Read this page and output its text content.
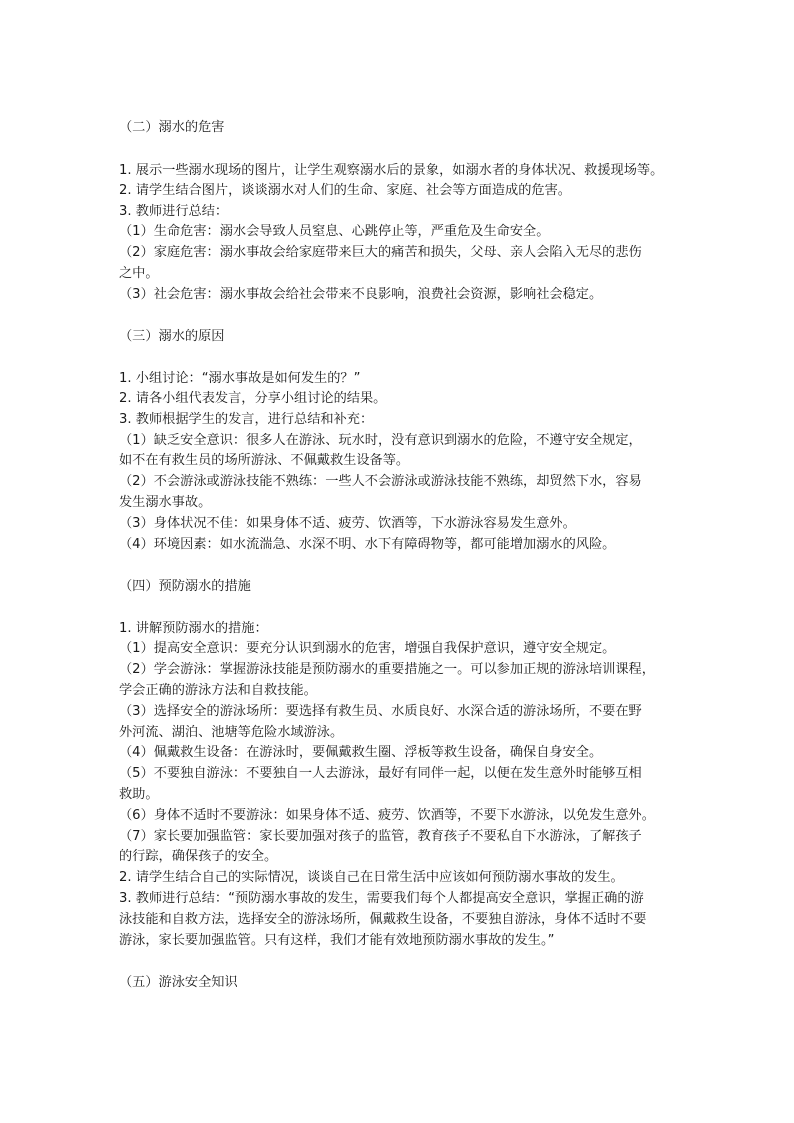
（二）溺水的危害
1. 展示一些溺水现场的图片，让学生观察溺水后的景象，如溺水者的身体状况、救援现场等。
2. 请学生结合图片，谈谈溺水对人们的生命、家庭、社会等方面造成的危害。
3. 教师进行总结：
（1）生命危害：溺水会导致人员窒息、心跳停止等，严重危及生命安全。
（2）家庭危害：溺水事故会给家庭带来巨大的痛苦和损失，父母、亲人会陷入无尽的悲伤
之中。
（3）社会危害：溺水事故会给社会带来不良影响，浪费社会资源，影响社会稳定。
（三）溺水的原因
1. 小组讨论：“溺水事故是如何发生的？”
2. 请各小组代表发言，分享小组讨论的结果。
3. 教师根据学生的发言，进行总结和补充：
（1）缺乏安全意识：很多人在游泳、玩水时，没有意识到溺水的危险，不遵守安全规定，
如不在有救生员的场所游泳、不佩戴救生设备等。
（2）不会游泳或游泳技能不熟练：一些人不会游泳或游泳技能不熟练，却贸然下水，容易
发生溺水事故。
（3）身体状况不佳：如果身体不适、疲劳、饮酒等，下水游泳容易发生意外。
（4）环境因素：如水流湍急、水深不明、水下有障碍物等，都可能增加溺水的风险。
（四）预防溺水的措施
1. 讲解预防溺水的措施：
（1）提高安全意识：要充分认识到溺水的危害，增强自我保护意识，遵守安全规定。
（2）学会游泳：掌握游泳技能是预防溺水的重要措施之一。可以参加正规的游泳培训课程，
学会正确的游泳方法和自救技能。
（3）选择安全的游泳场所：要选择有救生员、水质良好、水深合适的游泳场所，不要在野
外河流、湖泊、池塘等危险水域游泳。
（4）佩戴救生设备：在游泳时，要佩戴救生圈、浮板等救生设备，确保自身安全。
（5）不要独自游泳：不要独自一人去游泳，最好有同伴一起，以便在发生意外时能够互相
救助。
（6）身体不适时不要游泳：如果身体不适、疲劳、饮酒等，不要下水游泳，以免发生意外。
（7）家长要加强监管：家长要加强对孩子的监管，教育孩子不要私自下水游泳，了解孩子
的行踪，确保孩子的安全。
2. 请学生结合自己的实际情况，谈谈自己在日常生活中应该如何预防溺水事故的发生。
3. 教师进行总结：“预防溺水事故的发生，需要我们每个人都提高安全意识，掌握正确的游
泳技能和自救方法，选择安全的游泳场所，佩戴救生设备，不要独自游泳，身体不适时不要
游泳，家长要加强监管。只有这样，我们才能有效地预防溺水事故的发生。”
（五）游泳安全知识
